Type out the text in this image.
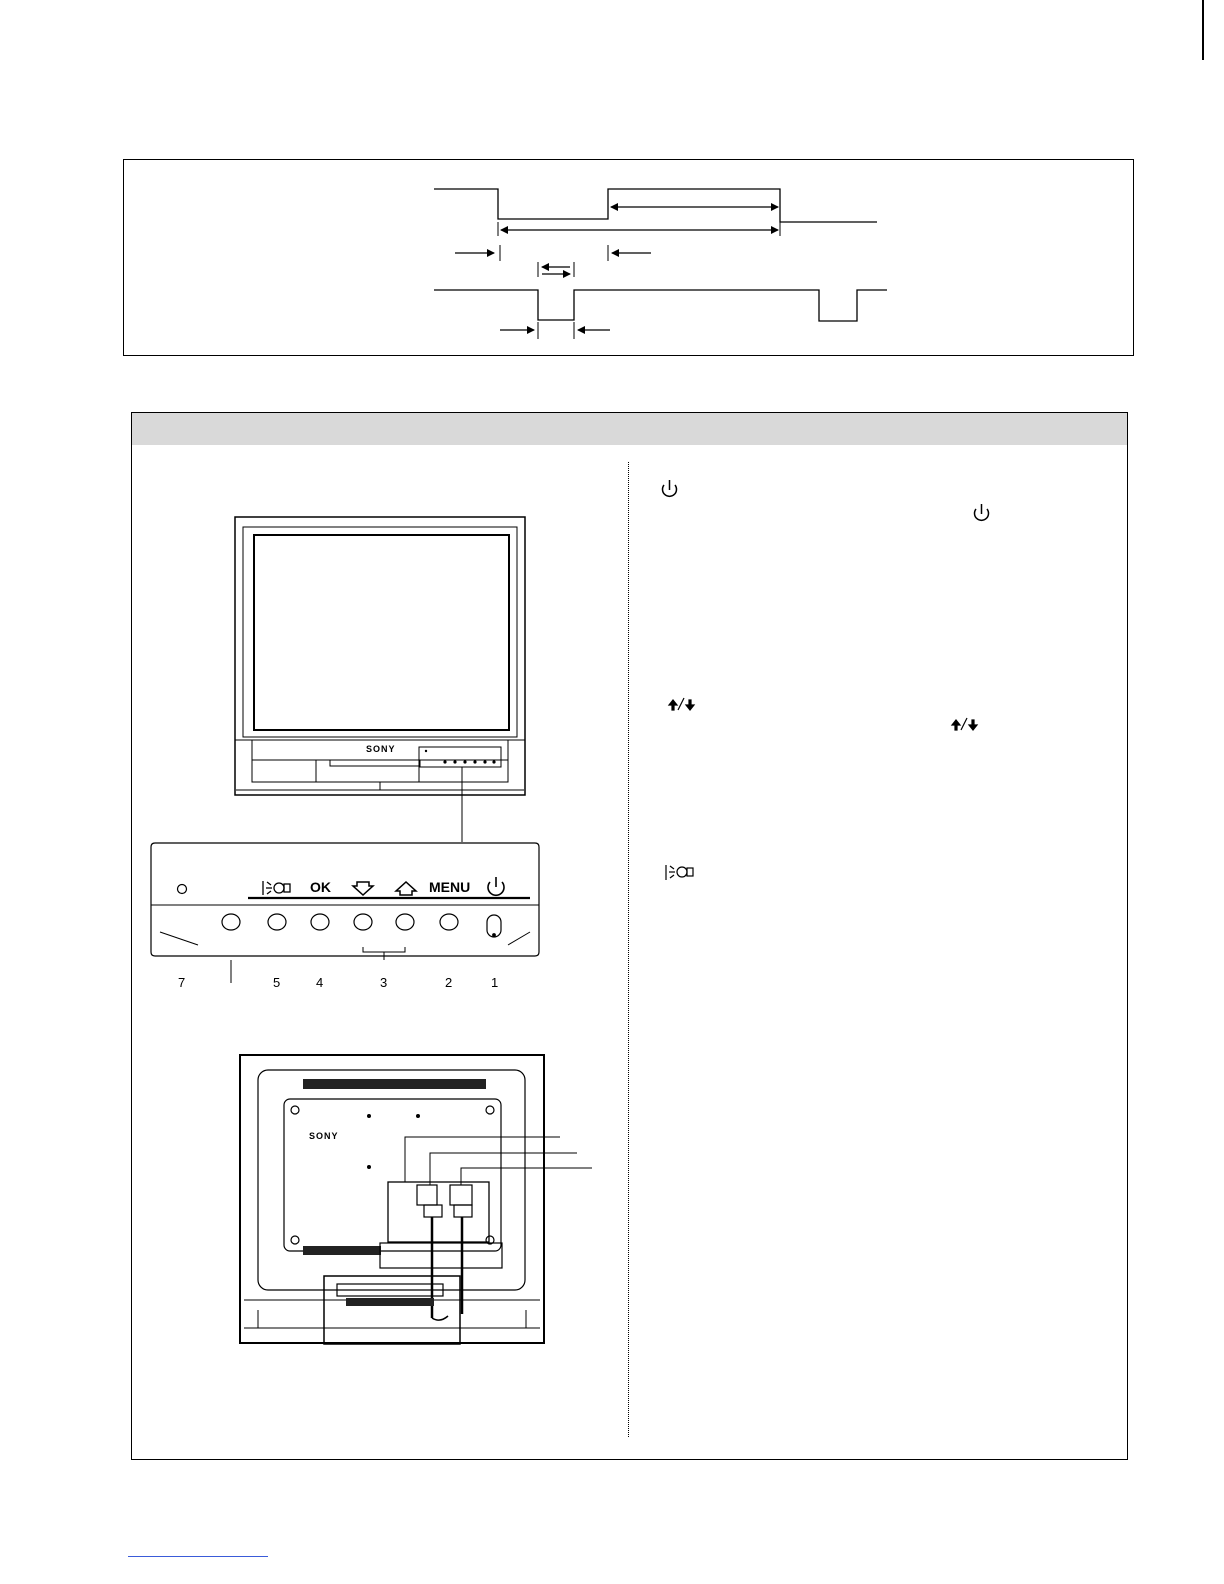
SONY
SONY
OK	MENU
7	5	4	3	2	1
